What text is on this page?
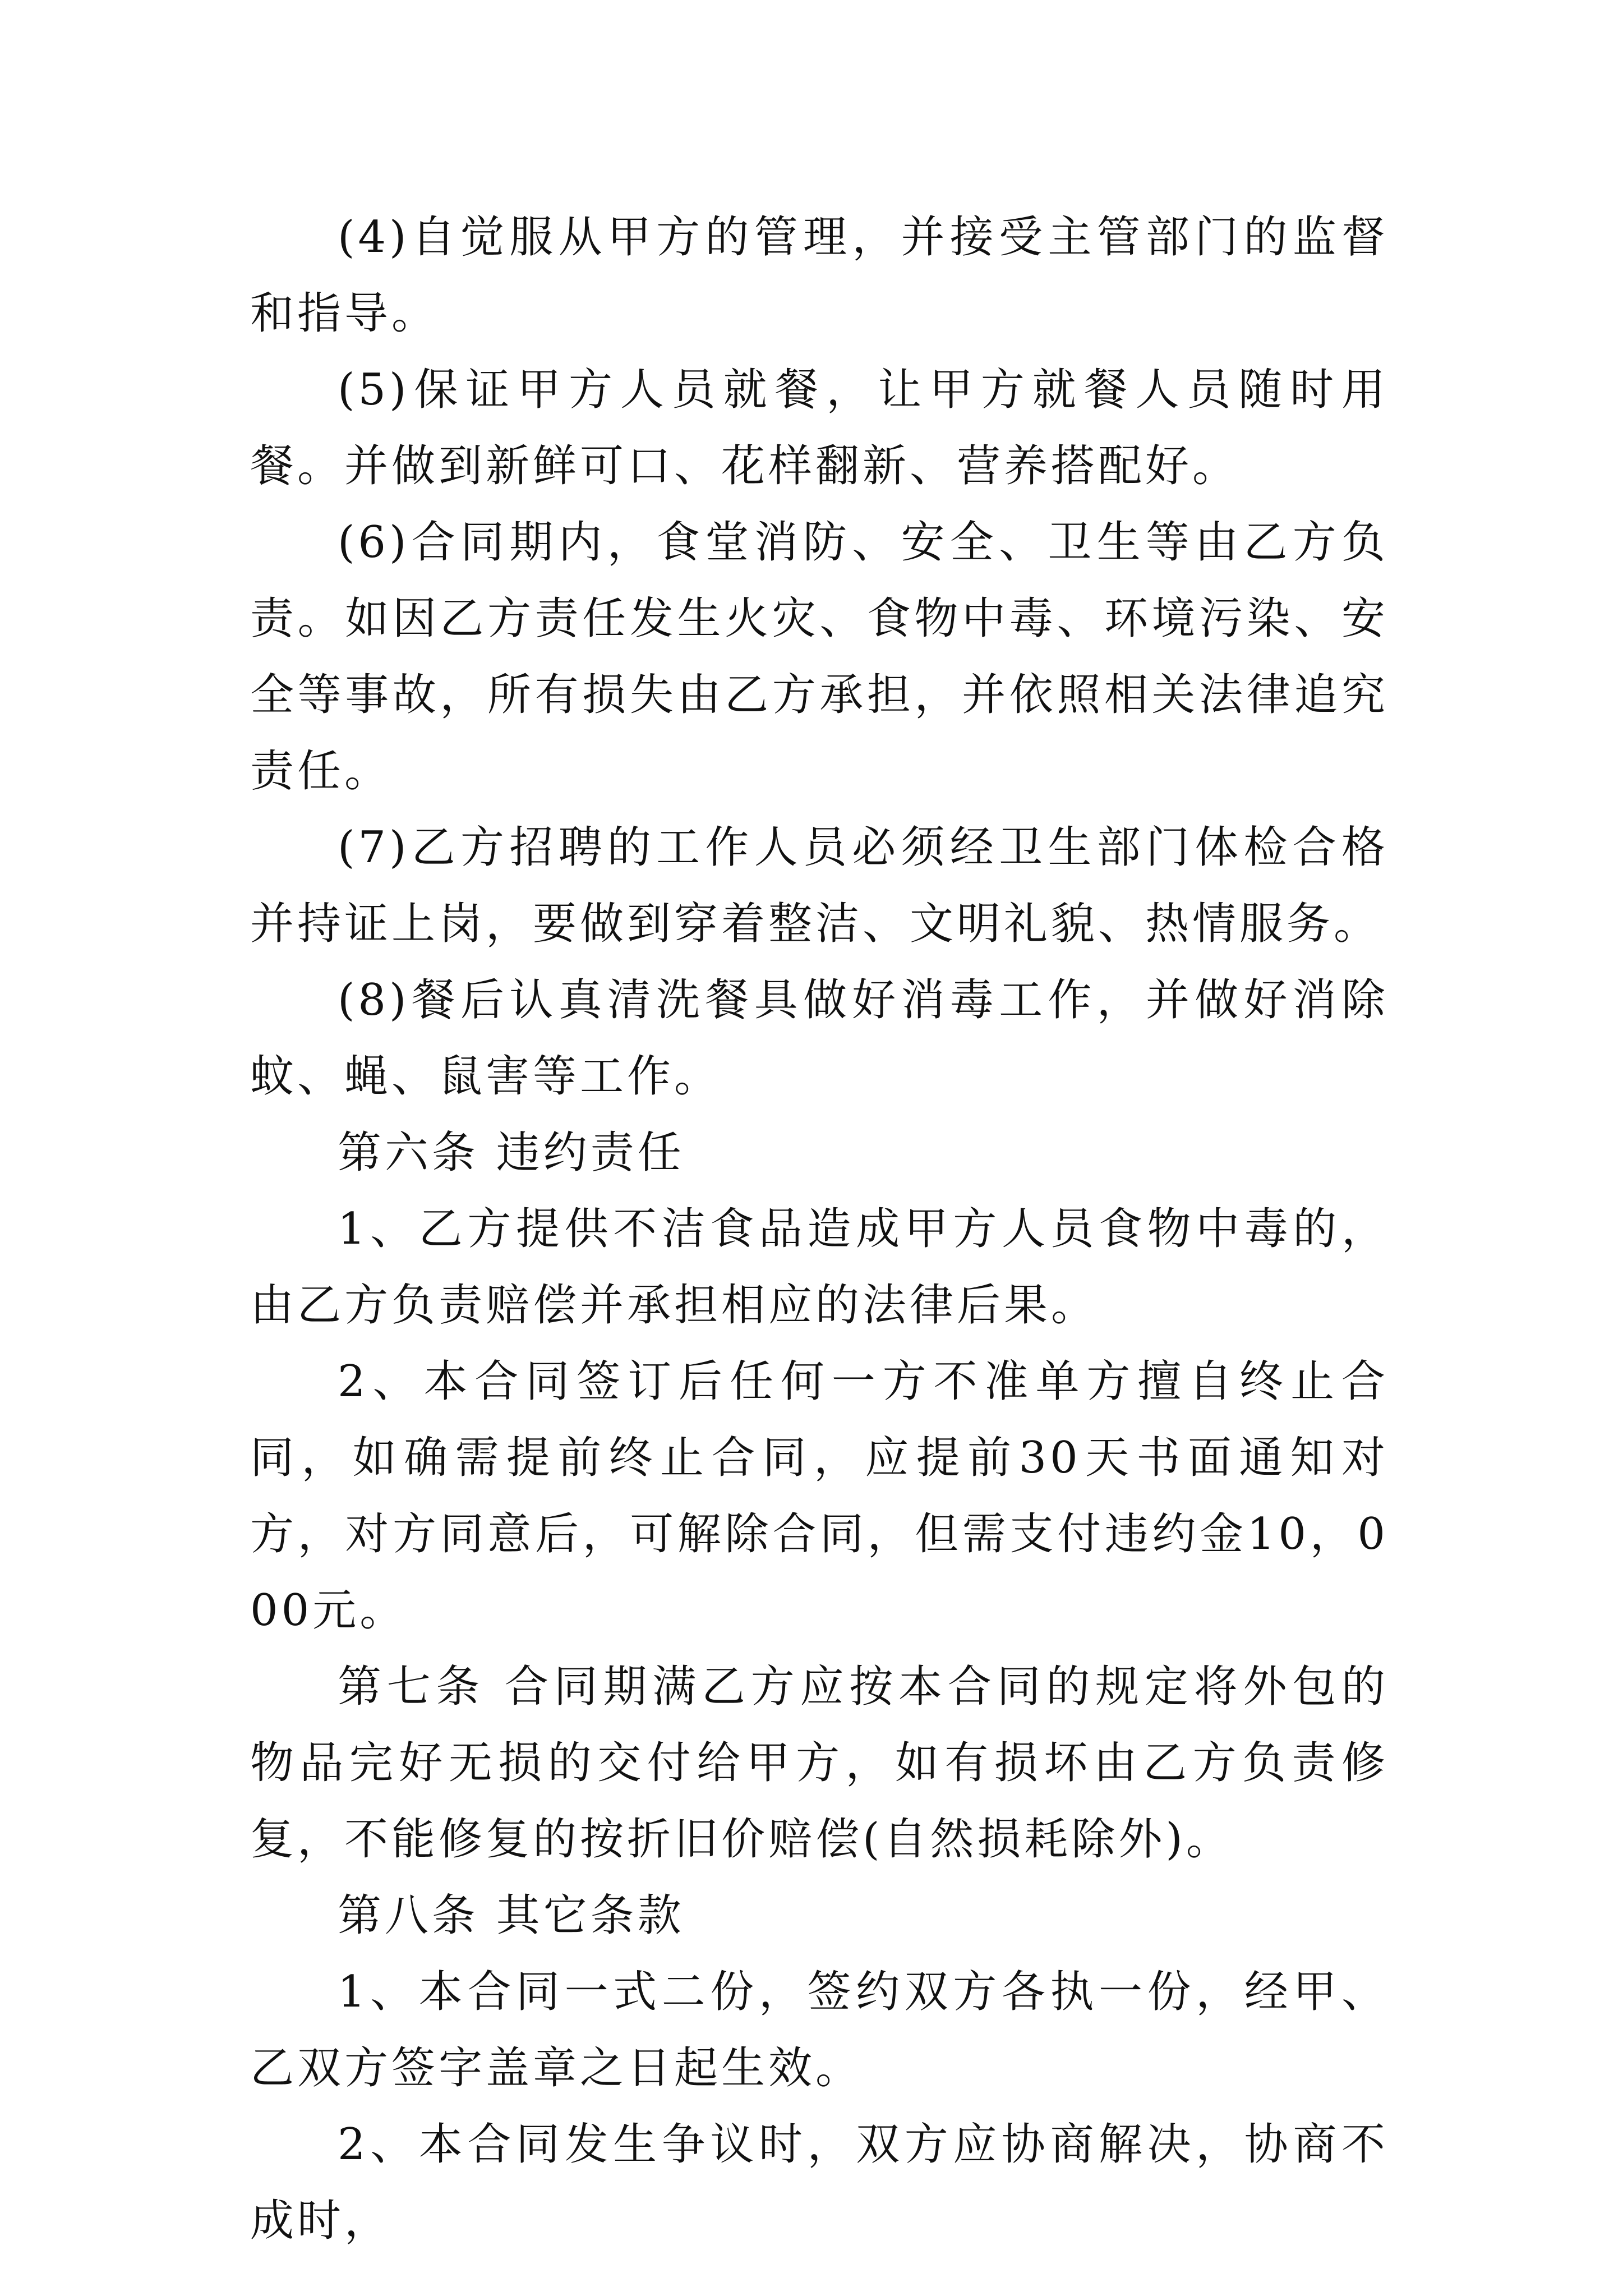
(4)自觉服从甲方的管理，并接受主管部门的监督和指导。

(5)保证甲方人员就餐，让甲方就餐人员随时用餐。并做到新鲜可口、花样翻新、营养搭配好。

(6)合同期内，食堂消防、安全、卫生等由乙方负责。如因乙方责任发生火灾、食物中毒、环境污染、安全等事故，所有损失由乙方承担，并依照相关法律追究责任。

(7)乙方招聘的工作人员必须经卫生部门体检合格并持证上岗，要做到穿着整洁、文明礼貌、热情服务。

(8)餐后认真清洗餐具做好消毒工作，并做好消除蚊、蝇、鼠害等工作。

第六条 违约责任

1、乙方提供不洁食品造成甲方人员食物中毒的，由乙方负责赔偿并承担相应的法律后果。

2、本合同签订后任何一方不准单方擅自终止合同，如确需提前终止合同，应提前30天书面通知对方，对方同意后，可解除合同，但需支付违约金10，000元。

第七条 合同期满乙方应按本合同的规定将外包的物品完好无损的交付给甲方，如有损坏由乙方负责修复，不能修复的按折旧价赔偿(自然损耗除外)。

第八条 其它条款

1、本合同一式二份，签约双方各执一份，经甲、乙双方签字盖章之日起生效。

2、本合同发生争议时，双方应协商解决，协商不成时，
